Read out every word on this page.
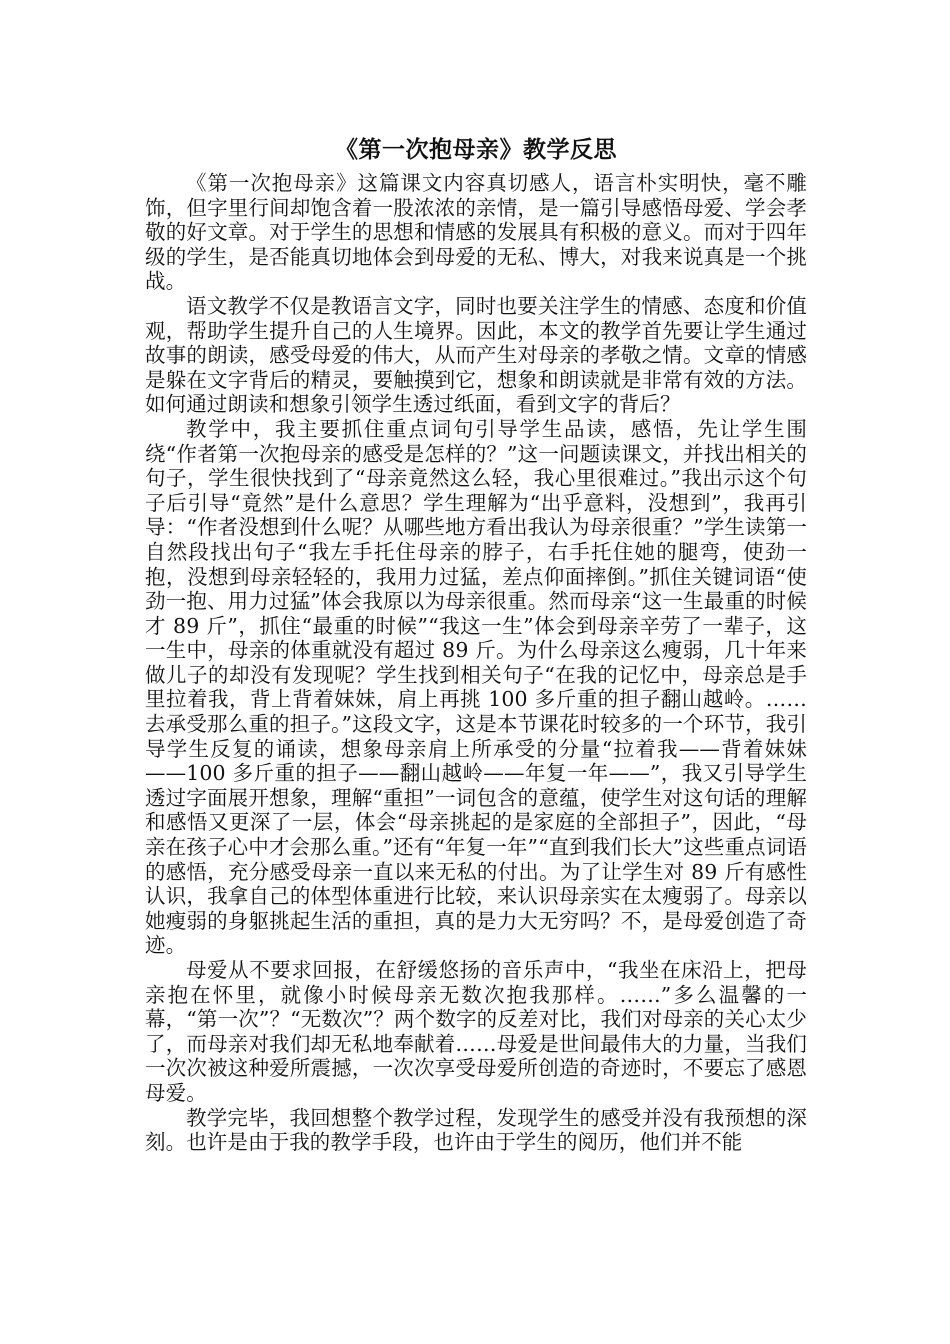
《第一次抱母亲》教学反思

《第一次抱母亲》这篇课文内容真切感人，语言朴实明快，毫不雕饰，但字里行间却饱含着一股浓浓的亲情，是一篇引导感悟母爱、学会孝敬的好文章。对于学生的思想和情感的发展具有积极的意义。而对于四年级的学生，是否能真切地体会到母爱的无私、博大，对我来说真是一个挑战。

语文教学不仅是教语言文字，同时也要关注学生的情感、态度和价值观，帮助学生提升自己的人生境界。因此，本文的教学首先要让学生通过故事的朗读，感受母爱的伟大，从而产生对母亲的孝敬之情。文章的情感是躲在文字背后的精灵，要触摸到它，想象和朗读就是非常有效的方法。如何通过朗读和想象引领学生透过纸面，看到文字的背后？

教学中，我主要抓住重点词句引导学生品读，感悟，先让学生围绕“作者第一次抱母亲的感受是怎样的？”这一问题读课文，并找出相关的句子，学生很快找到了“母亲竟然这么轻，我心里很难过。”我出示这个句子后引导“竟然”是什么意思？学生理解为“出乎意料，没想到”，我再引导：“作者没想到什么呢？从哪些地方看出我认为母亲很重？”学生读第一自然段找出句子“我左手托住母亲的脖子，右手托住她的腿弯，使劲一抱，没想到母亲轻轻的，我用力过猛，差点仰面摔倒。”抓住关键词语“使劲一抱、用力过猛”体会我原以为母亲很重。然而母亲“这一生最重的时候才 89 斤”，抓住“最重的时候”“我这一生”体会到母亲辛劳了一辈子，这一生中，母亲的体重就没有超过 89 斤。为什么母亲这么瘦弱，几十年来做儿子的却没有发现呢？学生找到相关句子“在我的记忆中，母亲总是手里拉着我，背上背着妹妹，肩上再挑 100 多斤重的担子翻山越岭。……去承受那么重的担子。”这段文字，这是本节课花时较多的一个环节，我引导学生反复的诵读，想象母亲肩上所承受的分量“拉着我——背着妹妹——100 多斤重的担子——翻山越岭——年复一年——”，我又引导学生透过字面展开想象，理解“重担”一词包含的意蕴，使学生对这句话的理解和感悟又更深了一层，体会“母亲挑起的是家庭的全部担子”，因此，“母亲在孩子心中才会那么重。”还有“年复一年”“直到我们长大”这些重点词语的感悟，充分感受母亲一直以来无私的付出。为了让学生对 89 斤有感性认识，我拿自己的体型体重进行比较，来认识母亲实在太瘦弱了。母亲以她瘦弱的身躯挑起生活的重担，真的是力大无穷吗？不，是母爱创造了奇迹。

母爱从不要求回报，在舒缓悠扬的音乐声中，“我坐在床沿上，把母亲抱在怀里，就像小时候母亲无数次抱我那样。……”多么温馨的一幕，“第一次”？“无数次”？两个数字的反差对比，我们对母亲的关心太少了，而母亲对我们却无私地奉献着……母爱是世间最伟大的力量，当我们一次次被这种爱所震撼，一次次享受母爱所创造的奇迹时，不要忘了感恩母爱。

教学完毕，我回想整个教学过程，发现学生的感受并没有我预想的深刻。也许是由于我的教学手段，也许由于学生的阅历，他们并不能
